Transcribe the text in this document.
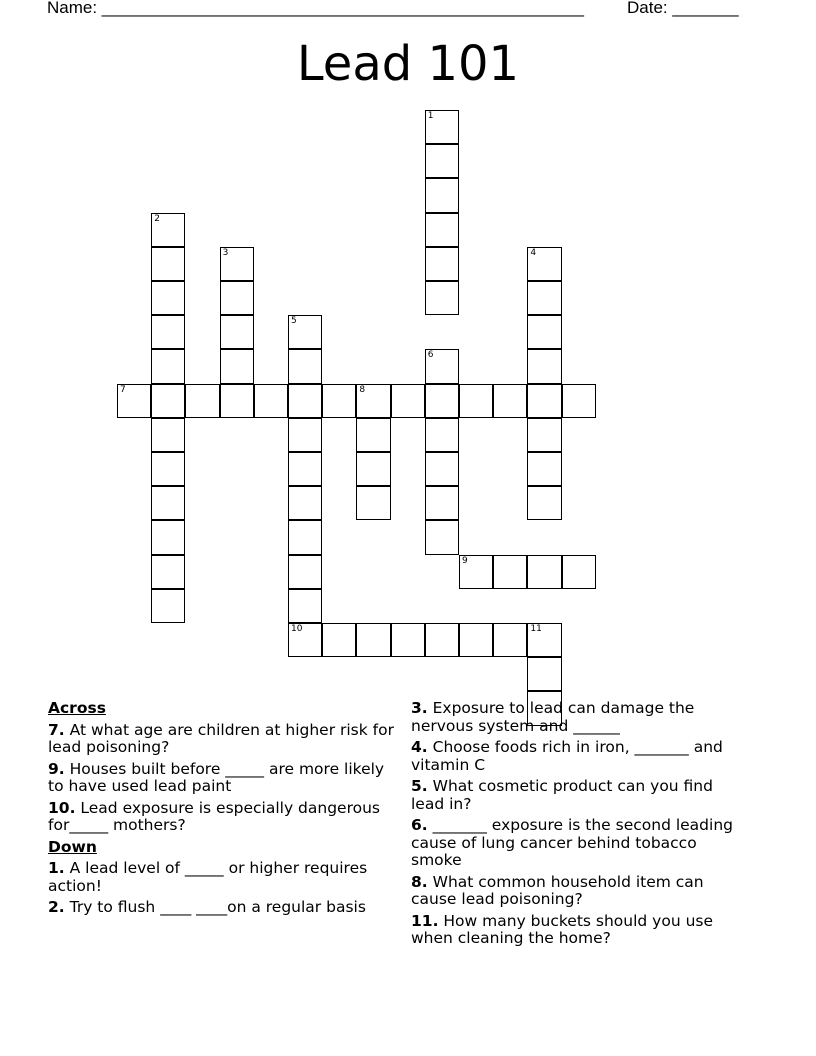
Name: ___________________________________________________	Date: _______
Lead 101
1
2
3	4
5
6
7	8
9
10	11
Across
7. At what age are children at higher risk for lead poisoning?
9. Houses built before _____ are more likely to have used lead paint
10. Lead exposure is especially dangerous for_____ mothers?
Down
1. A lead level of _____ or higher requires action!
2. Try to flush ____ ____on a regular basis
3. Exposure to lead can damage the nervous system and ______
4. Choose foods rich in iron, _______ and vitamin C
5. What cosmetic product can you find lead in?
6. _______ exposure is the second leading cause of lung cancer behind tobacco smoke
8. What common household item can cause lead poisoning?
11. How many buckets should you use when cleaning the home?
